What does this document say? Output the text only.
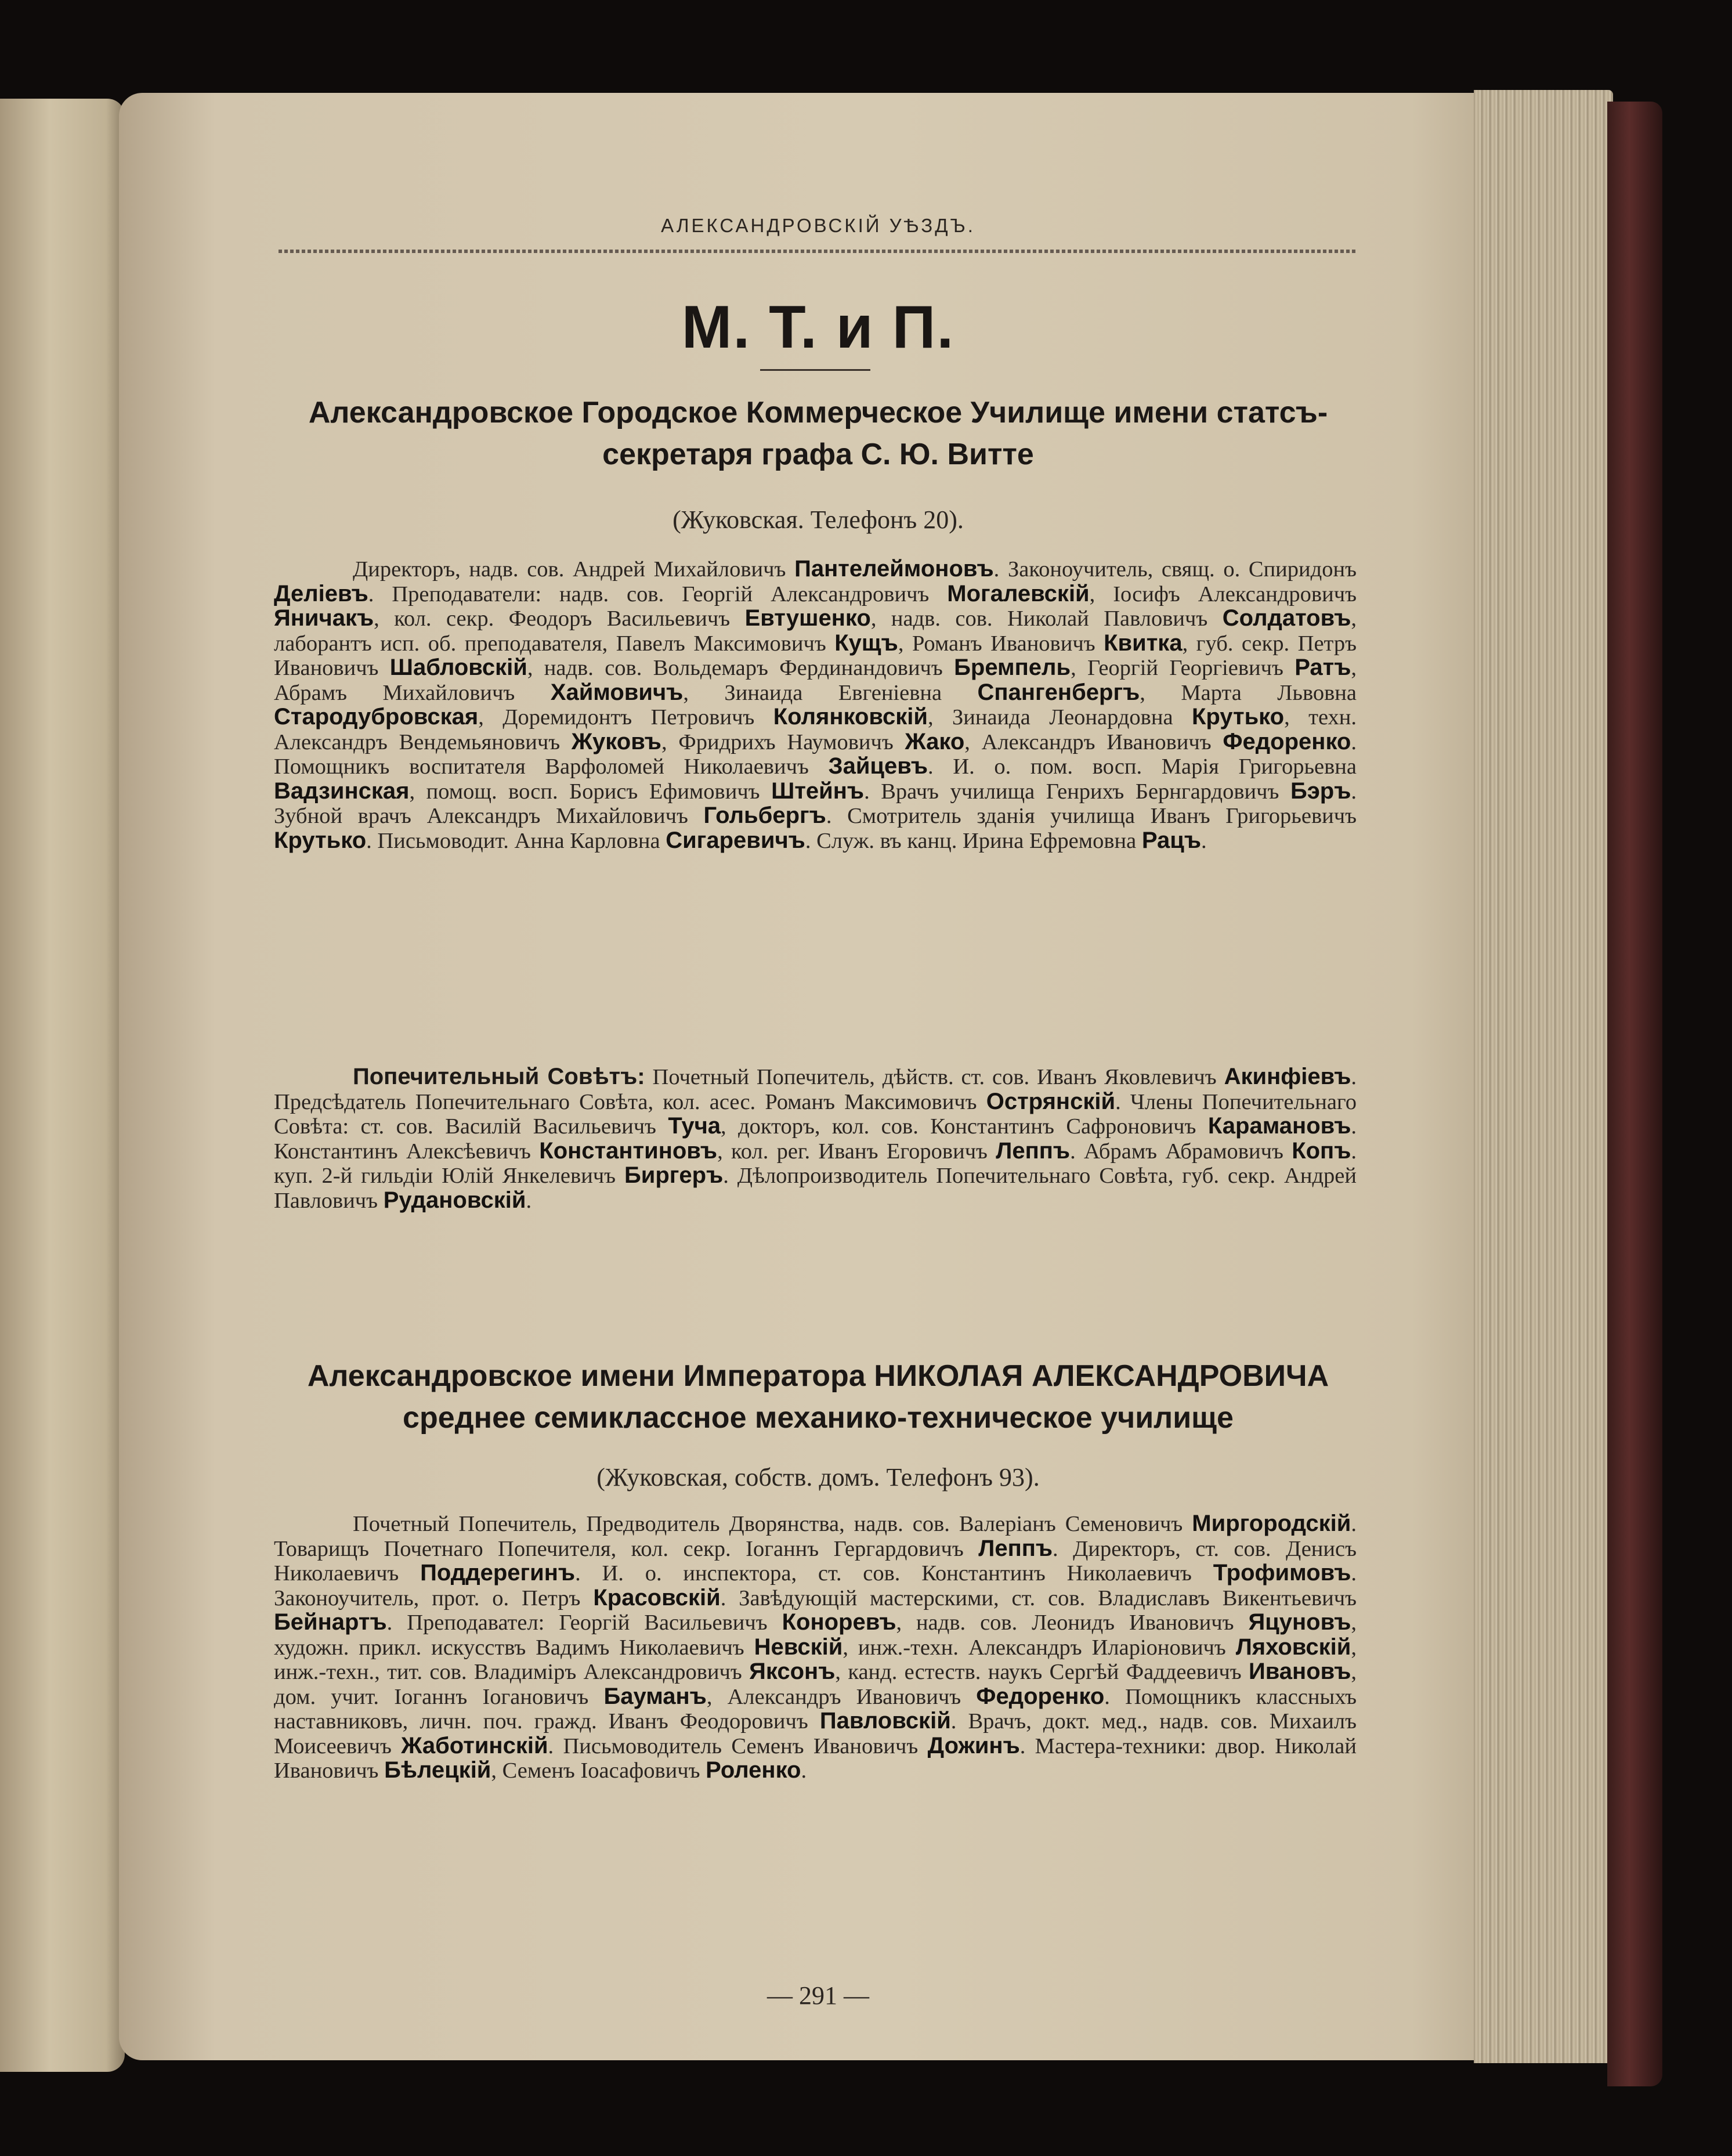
АЛЕКСАНДРОВСКІЙ УѢЗДЪ.
М. Т. и П.
Александровское Городское Коммерческое Училище имени статсъ-
секретаря графа С. Ю. Витте
(Жуковская. Телефонъ 20).

Директоръ, надв. сов. Андрей Михайловичъ Пантелеймоновъ. Законоучитель, свящ. о. Спиридонъ Делiевъ. Преподаватели: надв. сов. Георгій Александровичъ Могалевскій, Іосифъ Александровичъ Яничакъ, кол. секр. Феодоръ Васильевичъ Евтушенко, надв. сов. Николай Павловичъ Солдатовъ, лаборантъ исп. об. преподавателя, Павелъ Максимовичъ Кущъ, Романъ Ивановичъ Квитка, губ. секр. Петръ Ивановичъ Шабловскій, надв. сов. Вольдемаръ Фердинандовичъ Бремпель, Георгій Георгіевичъ Ратъ, Абрамъ Михайловичъ Хаймовичъ, Зинаида Евгеніевна Спангенбергъ, Марта Львовна Стародубровская, Доремидонтъ Петровичъ Колянковскій, Зинаида Леонардовна Крутько, техн. Александръ Вендемьяновичъ Жуковъ, Фридрихъ Наумовичъ Жако, Александръ Ивановичъ Федоренко. Помощникъ воспитателя Варфоломей Николаевичъ Зайцевъ. И. о. пом. восп. Марія Григорьевна Вадзинская, помощ. восп. Борисъ Ефимовичъ Штейнъ. Врачъ училища Генрихъ Бернгардовичъ Бэръ. Зубной врачъ Александръ Михайловичъ Гольбергъ. Смотритель зданія училища Иванъ Григорьевичъ Крутько. Письмоводит. Анна Карловна Сигаревичъ. Служ. въ канц. Ирина Ефремовна Рацъ.

Попечительный Совѣтъ: Почетный Попечитель, дѣйств. ст. сов. Иванъ Яковлевичъ Акинфіевъ. Предсѣдатель Попечительнаго Совѣта, кол. асес. Романъ Максимовичъ Острянскій. Члены Попечительнаго Совѣта: ст. сов. Василій Васильевичъ Туча, докторъ, кол. сов. Константинъ Сафроновичъ Карамановъ. Константинъ Алексѣевичъ Константиновъ, кол. рег. Иванъ Егоровичъ Леппъ. Абрамъ Абрамовичъ Копъ. куп. 2-й гильдіи Юлій Янкелевичъ Биргеръ. Дѣлопроизводитель Попечительнаго Совѣта, губ. секр. Андрей Павловичъ Рудановскій.

Александровское имени Императора НИКОЛАЯ АЛЕКСАНДРОВИЧА
среднее семиклассное механико-техническое училище
(Жуковская, собств. домъ. Телефонъ 93).

Почетный Попечитель, Предводитель Дворянства, надв. сов. Валеріанъ Семеновичъ Миргородскій. Товарищъ Почетнаго Попечителя, кол. секр. Іоганнъ Гергардовичъ Леппъ. Директоръ, ст. сов. Денисъ Николаевичъ Поддерегинъ. И. о. инспектора, ст. сов. Константинъ Николаевичъ Трофимовъ. Законоучитель, прот. о. Петръ Красовскій. Завѣдующій мастерскими, ст. сов. Владиславъ Викентьевичъ Бейнартъ. Преподавател: Георгій Васильевичъ Конорeвъ, надв. сов. Леонидъ Ивановичъ Яцуновъ, художн. прикл. искусствъ Вадимъ Николаевичъ Невскій, инж.-техн. Александръ Иларіоновичъ Ляховскій, инж.-техн., тит. сов. Владиміръ Александровичъ Яксонъ, канд. естеств. наукъ Сергѣй Фаддеевичъ Ивановъ, дом. учит. Іоганнъ Іогановичъ Бауманъ, Александръ Ивановичъ Федоренко. Помощникъ классныхъ наставниковъ, личн. поч. гражд. Иванъ Феодоровичъ Павловскій. Врачъ, докт. мед., надв. сов. Михаилъ Моисеевичъ Жаботинскій. Письмоводитель Семенъ Ивановичъ Дожинъ. Мастера-техники: двор. Николай Ивановичъ Бѣлецкій, Семенъ Іоасафовичъ Роленко.

— 291 —
